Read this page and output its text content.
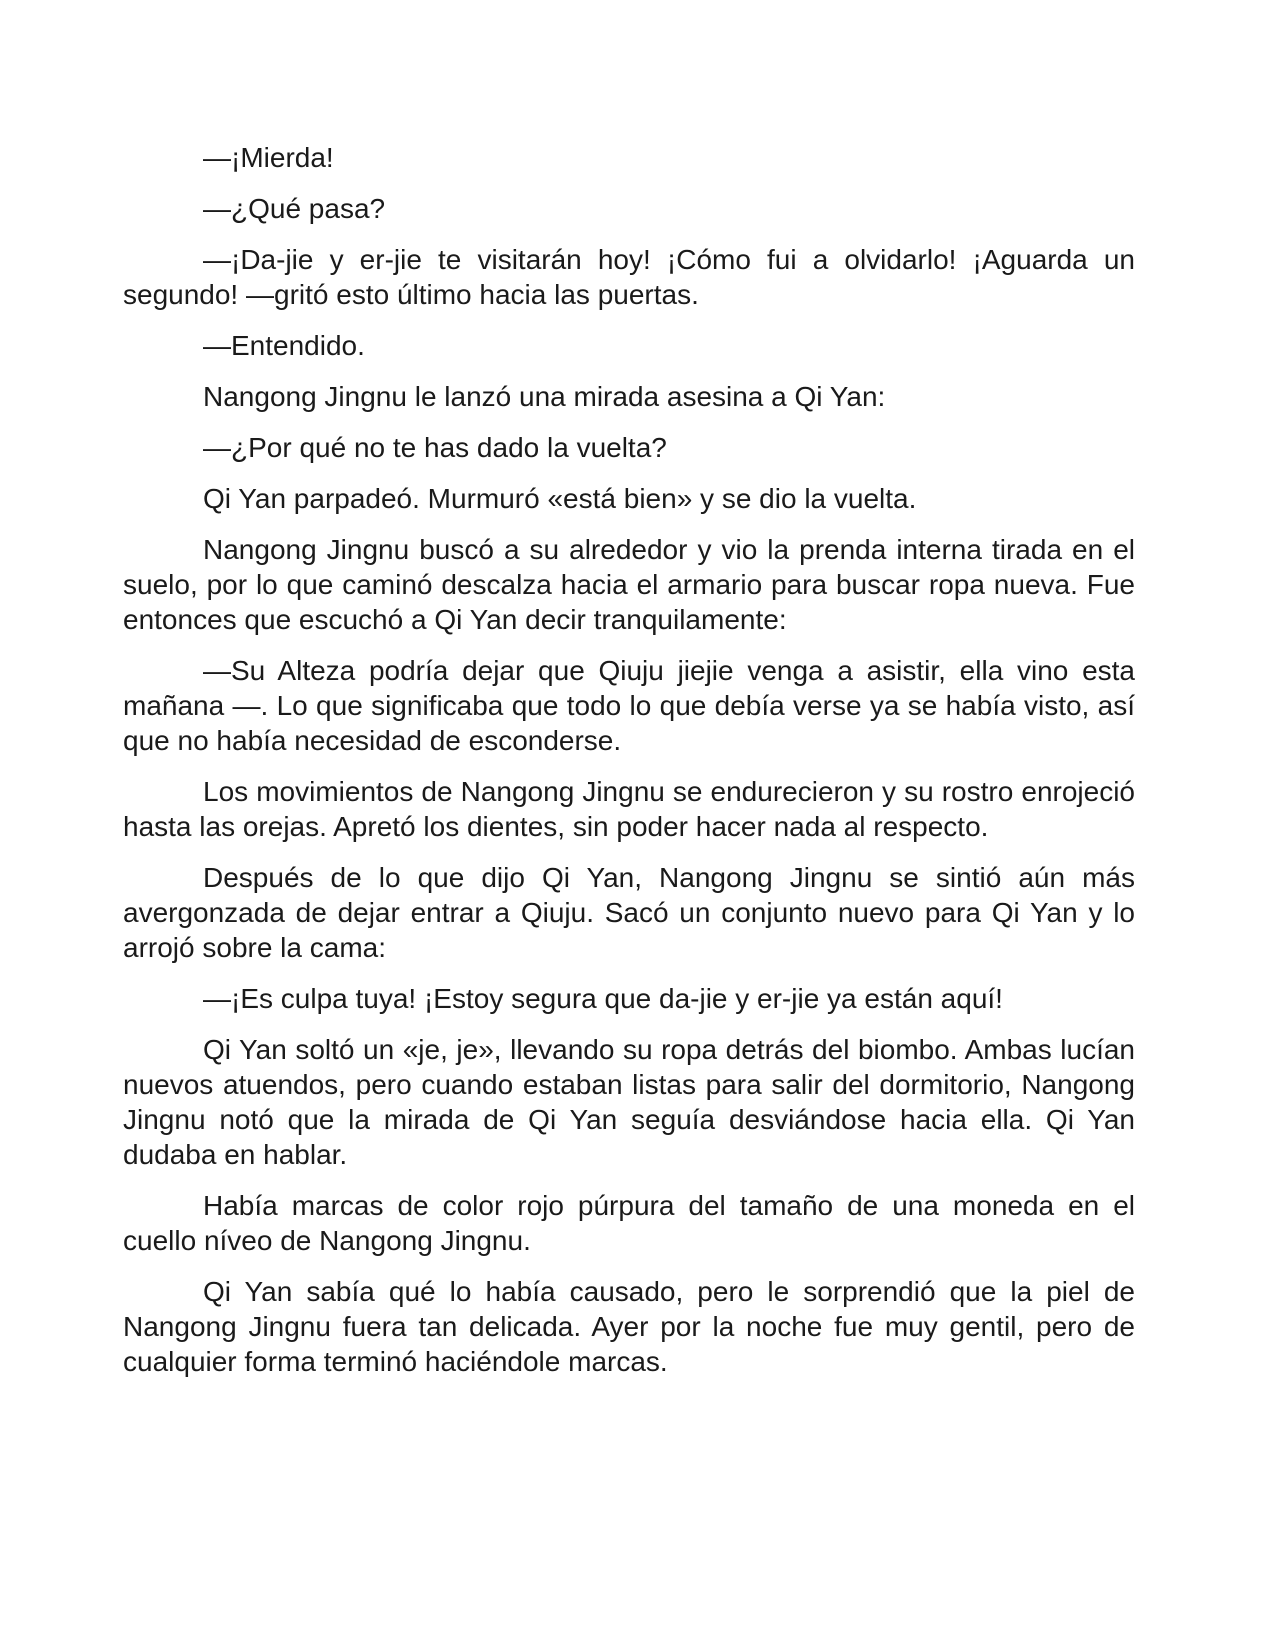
—¡Mierda!

—¿Qué pasa?

—¡Da-jie y er-jie te visitarán hoy! ¡Cómo fui a olvidarlo! ¡Aguarda un segundo! —gritó esto último hacia las puertas.

—Entendido.

Nangong Jingnu le lanzó una mirada asesina a Qi Yan:

—¿Por qué no te has dado la vuelta?

Qi Yan parpadeó. Murmuró «está bien» y se dio la vuelta.

Nangong Jingnu buscó a su alrededor y vio la prenda interna tirada en el suelo, por lo que caminó descalza hacia el armario para buscar ropa nueva. Fue entonces que escuchó a Qi Yan decir tranquilamente:

—Su Alteza podría dejar que Qiuju jiejie venga a asistir, ella vino esta mañana —. Lo que significaba que todo lo que debía verse ya se había visto, así que no había necesidad de esconderse.

Los movimientos de Nangong Jingnu se endurecieron y su rostro enrojeció hasta las orejas. Apretó los dientes, sin poder hacer nada al respecto.

Después de lo que dijo Qi Yan, Nangong Jingnu se sintió aún más avergonzada de dejar entrar a Qiuju. Sacó un conjunto nuevo para Qi Yan y lo arrojó sobre la cama:

—¡Es culpa tuya! ¡Estoy segura que da-jie y er-jie ya están aquí!

Qi Yan soltó un «je, je», llevando su ropa detrás del biombo. Ambas lucían nuevos atuendos, pero cuando estaban listas para salir del dormitorio, Nangong Jingnu notó que la mirada de Qi Yan seguía desviándose hacia ella. Qi Yan dudaba en hablar.

Había marcas de color rojo púrpura del tamaño de una moneda en el cuello níveo de Nangong Jingnu.

Qi Yan sabía qué lo había causado, pero le sorprendió que la piel de Nangong Jingnu fuera tan delicada. Ayer por la noche fue muy gentil, pero de cualquier forma terminó haciéndole marcas.
